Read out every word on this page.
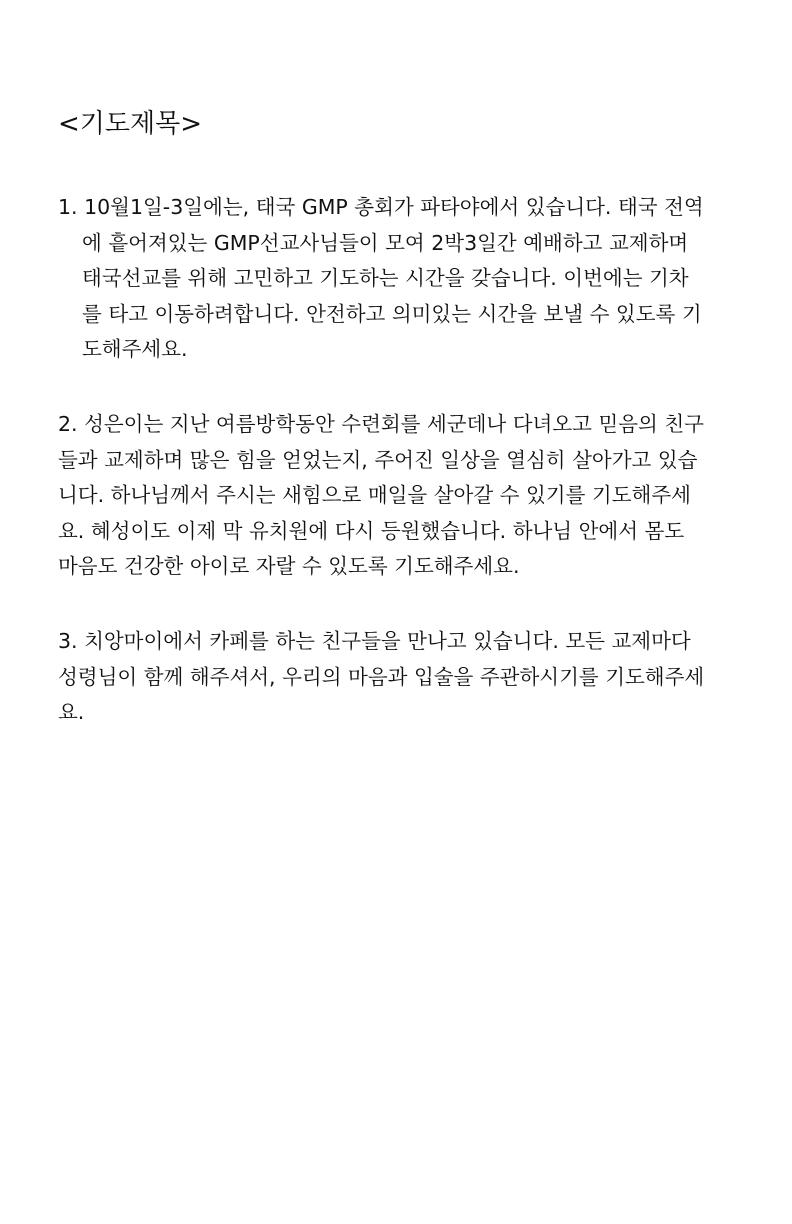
<기도제목>
1. 10월1일-3일에는, 태국 GMP 총회가 파타야에서 있습니다. 태국 전역
에 흩어져있는 GMP선교사님들이 모여 2박3일간 예배하고 교제하며
태국선교를 위해 고민하고 기도하는 시간을 갖습니다. 이번에는 기차
를 타고 이동하려합니다. 안전하고 의미있는 시간을 보낼 수 있도록 기
도해주세요.
2. 성은이는 지난 여름방학동안 수련회를 세군데나 다녀오고 믿음의 친구
들과 교제하며 많은 힘을 얻었는지, 주어진 일상을 열심히 살아가고 있습
니다. 하나님께서 주시는 새힘으로 매일을 살아갈 수 있기를 기도해주세
요. 혜성이도 이제 막 유치원에 다시 등원했습니다. 하나님 안에서 몸도
마음도 건강한 아이로 자랄 수 있도록 기도해주세요.
3. 치앙마이에서 카페를 하는 친구들을 만나고 있습니다. 모든 교제마다
성령님이 함께 해주셔서, 우리의 마음과 입술을 주관하시기를 기도해주세
요.
